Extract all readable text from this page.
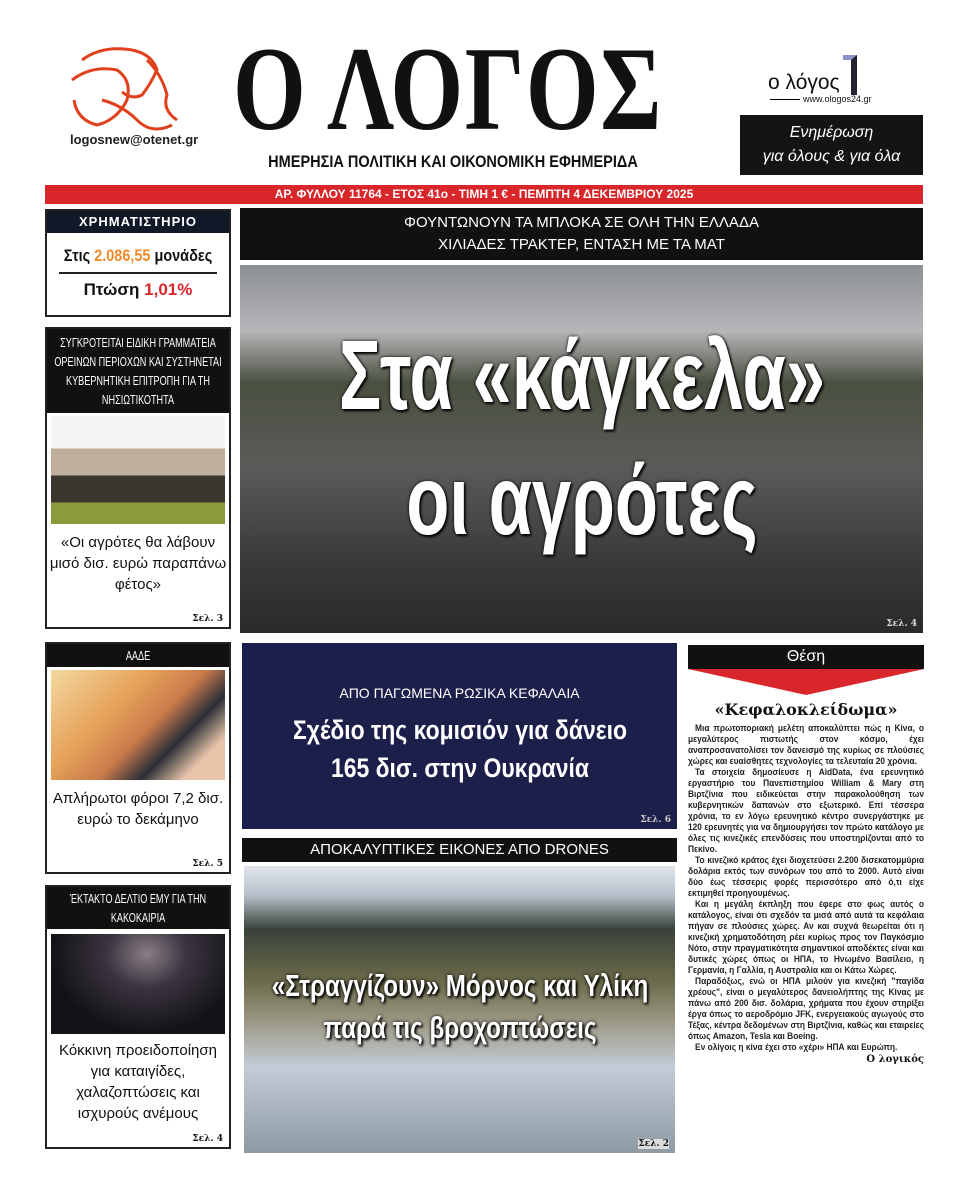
logosnew@otenet.gr Ο ΛΟΓΟΣ
ΗΜΕΡΗΣΙΑ ΠΟΛΙΤΙΚΗ ΚΑΙ ΟΙΚΟΝΟΜΙΚΗ ΕΦΗΜΕΡΙΔΑ
ο λόγος
www.ologos24.gr
Ενημέρωση
για όλους & για όλα
ΑΡ. ΦΥΛΛΟΥ 11764 - ΕΤΟΣ 41ο - ΤΙΜΗ 1 € - ΠΕΜΠΤΗ 4 ΔΕΚΕΜΒΡΙΟΥ 2025
ΧΡΗΜΑΤΙΣΤΗΡΙΟ
Στις 2.086,55 μονάδες
Πτώση 1,01%
ΣΥΓΚΡΟΤΕΙΤΑΙ ΕΙΔΙΚΗ ΓΡΑΜΜΑΤΕΙΑ ΟΡΕΙΝΩΝ ΠΕΡΙΟΧΩΝ ΚΑΙ ΣΥΣΤΗΝΕΤΑΙ ΚΥΒΕΡΝΗΤΙΚΗ ΕΠΙΤΡΟΠΗ ΓΙΑ ΤΗ ΝΗΣΙΩΤΙΚΟΤΗΤΑ
«Οι αγρότες θα λάβουν μισό δισ. ευρώ παραπάνω φέτος»
Σελ. 3
ΑΑΔΕ
Απλήρωτοι φόροι 7,2 δισ. ευρώ το δεκάμηνο
Σελ. 5
ΈΚΤΑΚΤΟ ΔΕΛΤΙΟ ΕΜΥ ΓΙΑ ΤΗΝ ΚΑΚΟΚΑΙΡΙΑ
Κόκκινη προειδοποίηση για καταιγίδες, χαλαζοπτώσεις και ισχυρούς ανέμους
Σελ. 4
ΦΟΥΝΤΩΝΟΥΝ ΤΑ ΜΠΛΟΚΑ ΣΕ ΟΛΗ ΤΗΝ ΕΛΛΑΔΑ
ΧΙΛΙΑΔΕΣ ΤΡΑΚΤΕΡ, ΕΝΤΑΣΗ ΜΕ ΤΑ ΜΑΤ
Στα «κάγκελα»
οι αγρότες
Σελ. 4
ΑΠΟ ΠΑΓΩΜΕΝΑ ΡΩΣΙΚΑ ΚΕΦΑΛΑΙΑ
Σχέδιο της κομισιόν για δάνειο
165 δισ. στην Ουκρανία
Σελ. 6
ΑΠΟΚΑΛΥΠΤΙΚΕΣ ΕΙΚΟΝΕΣ ΑΠΟ DRONES
«Στραγγίζουν» Μόρνος και Υλίκη
παρά τις βροχοπτώσεις
Σελ. 2
Θέση
«Κεφαλοκλείδωμα»

Μια πρωτοποριακή μελέτη αποκαλύπτει πώς η Κίνα, ο μεγαλύτερος πιστωτής στον κόσμο, έχει αναπροσανατολίσει τον δανεισμό της κυρίως σε πλούσιες χώρες και ευαίσθητες τεχνολογίες τα τελευταία 20 χρόνια.

Τα στοιχεία δημοσίευσε η AidData, ένα ερευνητικό εργαστήριο του Πανεπιστημίου William & Mary στη Βιρτζίνια που ειδικεύεται στην παρακολούθηση των κυβερνητικών δαπανών στο εξωτερικό. Επί τέσσερα χρόνια, το εν λόγω ερευνητικό κέντρο συνεργάστηκε με 120 ερευνητές για να δημιουργήσει τον πρώτο κατάλογο με όλες τις κινεζικές επενδύσεις που υποστηρίζονται από το Πεκίνο.

Το κινεζικό κράτος έχει διοχετεύσει 2.200 δισεκατομμύρια δολάρια εκτός των συνόρων του από το 2000. Αυτό είναι δύο έως τέσσερις φορές περισσότερο από ό,τι είχε εκτιμηθεί προηγουμένως.

Και η μεγάλη έκπληξη που έφερε στο φως αυτός ο κατάλογος, είναι ότι σχεδόν τα μισά από αυτά τα κεφάλαια πήγαν σε πλούσιες χώρες. Αν και συχνά θεωρείται ότι η κινεζική χρηματοδότηση ρέει κυρίως προς τον Παγκόσμιο Νότο, στην πραγματικότητα σημαντικοί αποδέκτες είναι και δυτικές χώρες όπως οι ΗΠΑ, το Ηνωμένο Βασίλειο, η Γερμανία, η Γαλλία, η Αυστραλία και οι Κάτω Χώρες.

Παραδόξως, ενώ οι ΗΠΑ μιλούν για κινεζική "παγίδα χρέους", είναι ο μεγαλύτερος δανειολήπτης της Κίνας με πάνω από 200 δισ. δολάρια, χρήματα που έχουν στηρίξει έργα όπως το αεροδρόμιο JFK, ενεργειακούς αγωγούς στο Τέξας, κέντρα δεδομένων στη Βιρτζίνια, καθώς και εταιρείες όπως Amazon, Tesla και Boeing.

Εν ολίγοις η κίνα έχει στο «χέρι» ΗΠΑ και Ευρώπη.

Ο λογικός
